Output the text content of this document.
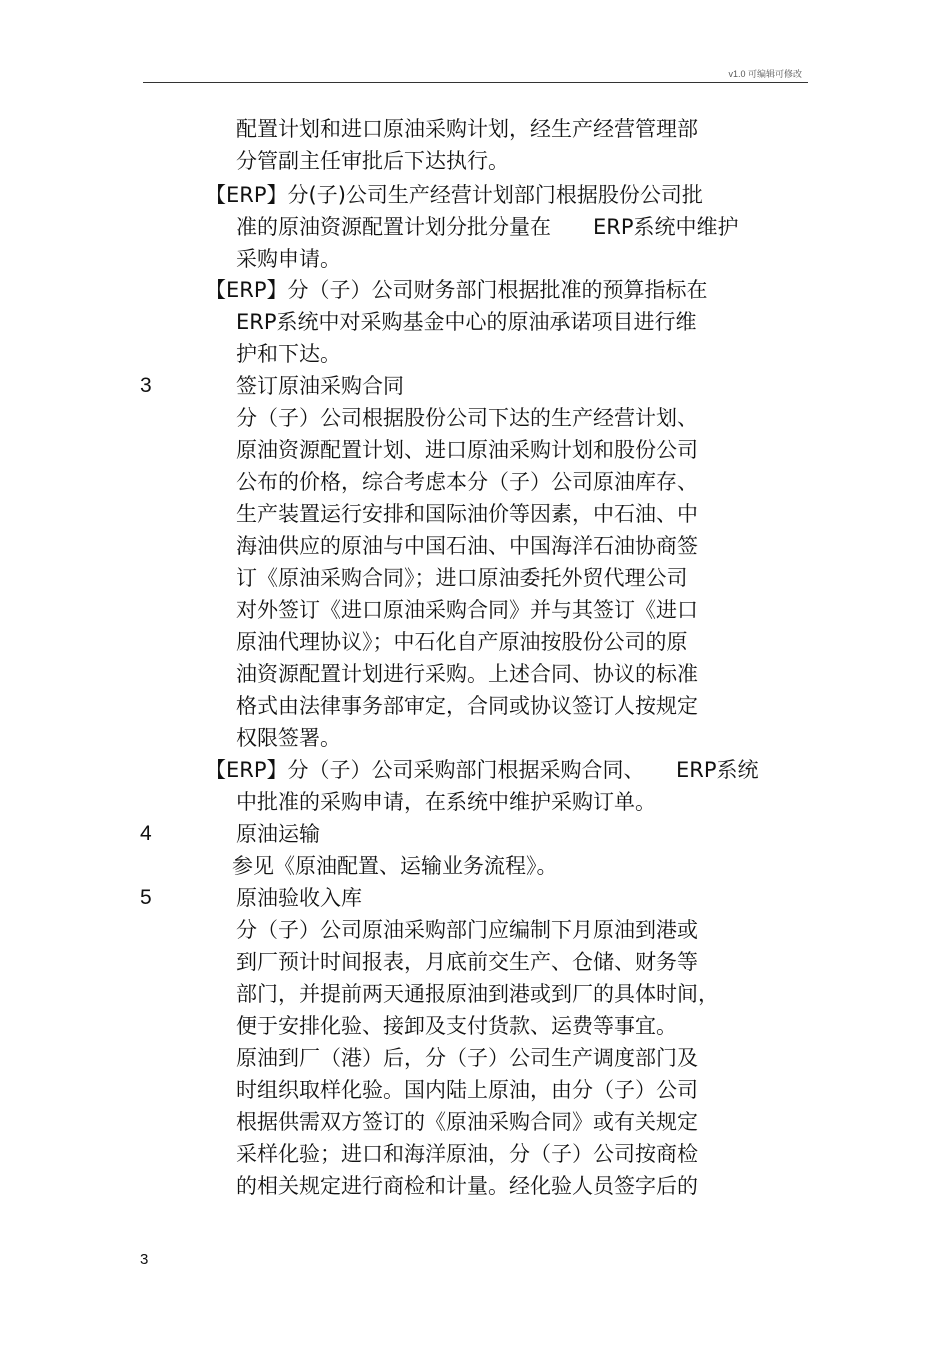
v1.0 可编辑可修改
配置计划和进口原油采购计划，经生产经营管理部
分管副主任审批后下达执行。
【ERP】分(子)公司生产经营计划部门根据股份公司批
准的原油资源配置计划分批分量在　　ERP系统中维护
采购申请。
【ERP】分（子）公司财务部门根据批准的预算指标在
ERP系统中对采购基金中心的原油承诺项目进行维
护和下达。
3	签订原油采购合同
分（子）公司根据股份公司下达的生产经营计划、
原油资源配置计划、进口原油采购计划和股份公司
公布的价格，综合考虑本分（子）公司原油库存、
生产装置运行安排和国际油价等因素，中石油、中
海油供应的原油与中国石油、中国海洋石油协商签
订《原油采购合同》；进口原油委托外贸代理公司
对外签订《进口原油采购合同》并与其签订《进口
原油代理协议》；中石化自产原油按股份公司的原
油资源配置计划进行采购。上述合同、协议的标准
格式由法律事务部审定，合同或协议签订人按规定
权限签署。
【ERP】分（子）公司采购部门根据采购合同、　　ERP系统
中批准的采购申请，在系统中维护采购订单。
4	原油运输
参见《原油配置、运输业务流程》。
5	原油验收入库
分（子）公司原油采购部门应编制下月原油到港或
到厂预计时间报表，月底前交生产、仓储、财务等
部门，并提前两天通报原油到港或到厂的具体时间，
便于安排化验、接卸及支付货款、运费等事宜。
原油到厂（港）后，分（子）公司生产调度部门及
时组织取样化验。国内陆上原油，由分（子）公司
根据供需双方签订的《原油采购合同》或有关规定
采样化验；进口和海洋原油，分（子）公司按商检
的相关规定进行商检和计量。经化验人员签字后的
3
